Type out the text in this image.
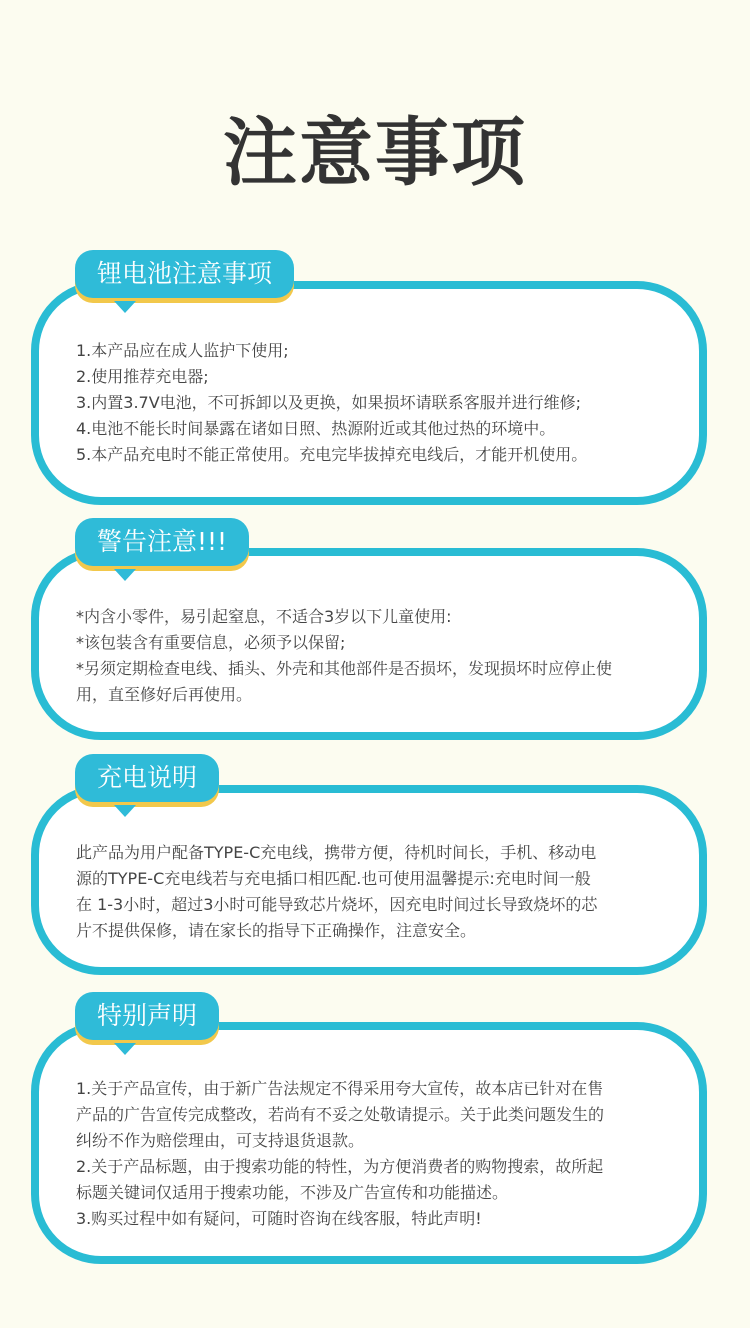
注意事项
锂电池注意事项
1.本产品应在成人监护下使用;
2.使用推荐充电器;
3.内置3.7V电池，不可拆卸以及更换，如果损坏请联系客服并进行维修;
4.电池不能长时间暴露在诸如日照、热源附近或其他过热的环境中。
5.本产品充电时不能正常使用。充电完毕拔掉充电线后，才能开机使用。
警告注意!!!
*内含小零件，易引起窒息，不适合3岁以下儿童使用:
*该包装含有重要信息，必须予以保留;
*另须定期检查电线、插头、外壳和其他部件是否损坏，发现损坏时应停止使
用，直至修好后再使用。
充电说明
此产品为用户配备TYPE-C充电线，携带方便，待机时间长，手机、移动电
源的TYPE-C充电线若与充电插口相匹配.也可使用温馨提示:充电时间一般
在 1-3小时，超过3小时可能导致芯片烧坏，因充电时间过长导致烧坏的芯
片不提供保修，请在家长的指导下正确操作，注意安全。
特别声明
1.关于产品宣传，由于新广告法规定不得采用夸大宣传，故本店已针对在售
产品的广告宣传完成整改，若尚有不妥之处敬请提示。关于此类问题发生的
纠纷不作为赔偿理由，可支持退货退款。
2.关于产品标题，由于搜索功能的特性，为方便消费者的购物搜索，故所起
标题关键词仅适用于搜索功能，不涉及广告宣传和功能描述。
3.购买过程中如有疑问，可随时咨询在线客服，特此声明!
